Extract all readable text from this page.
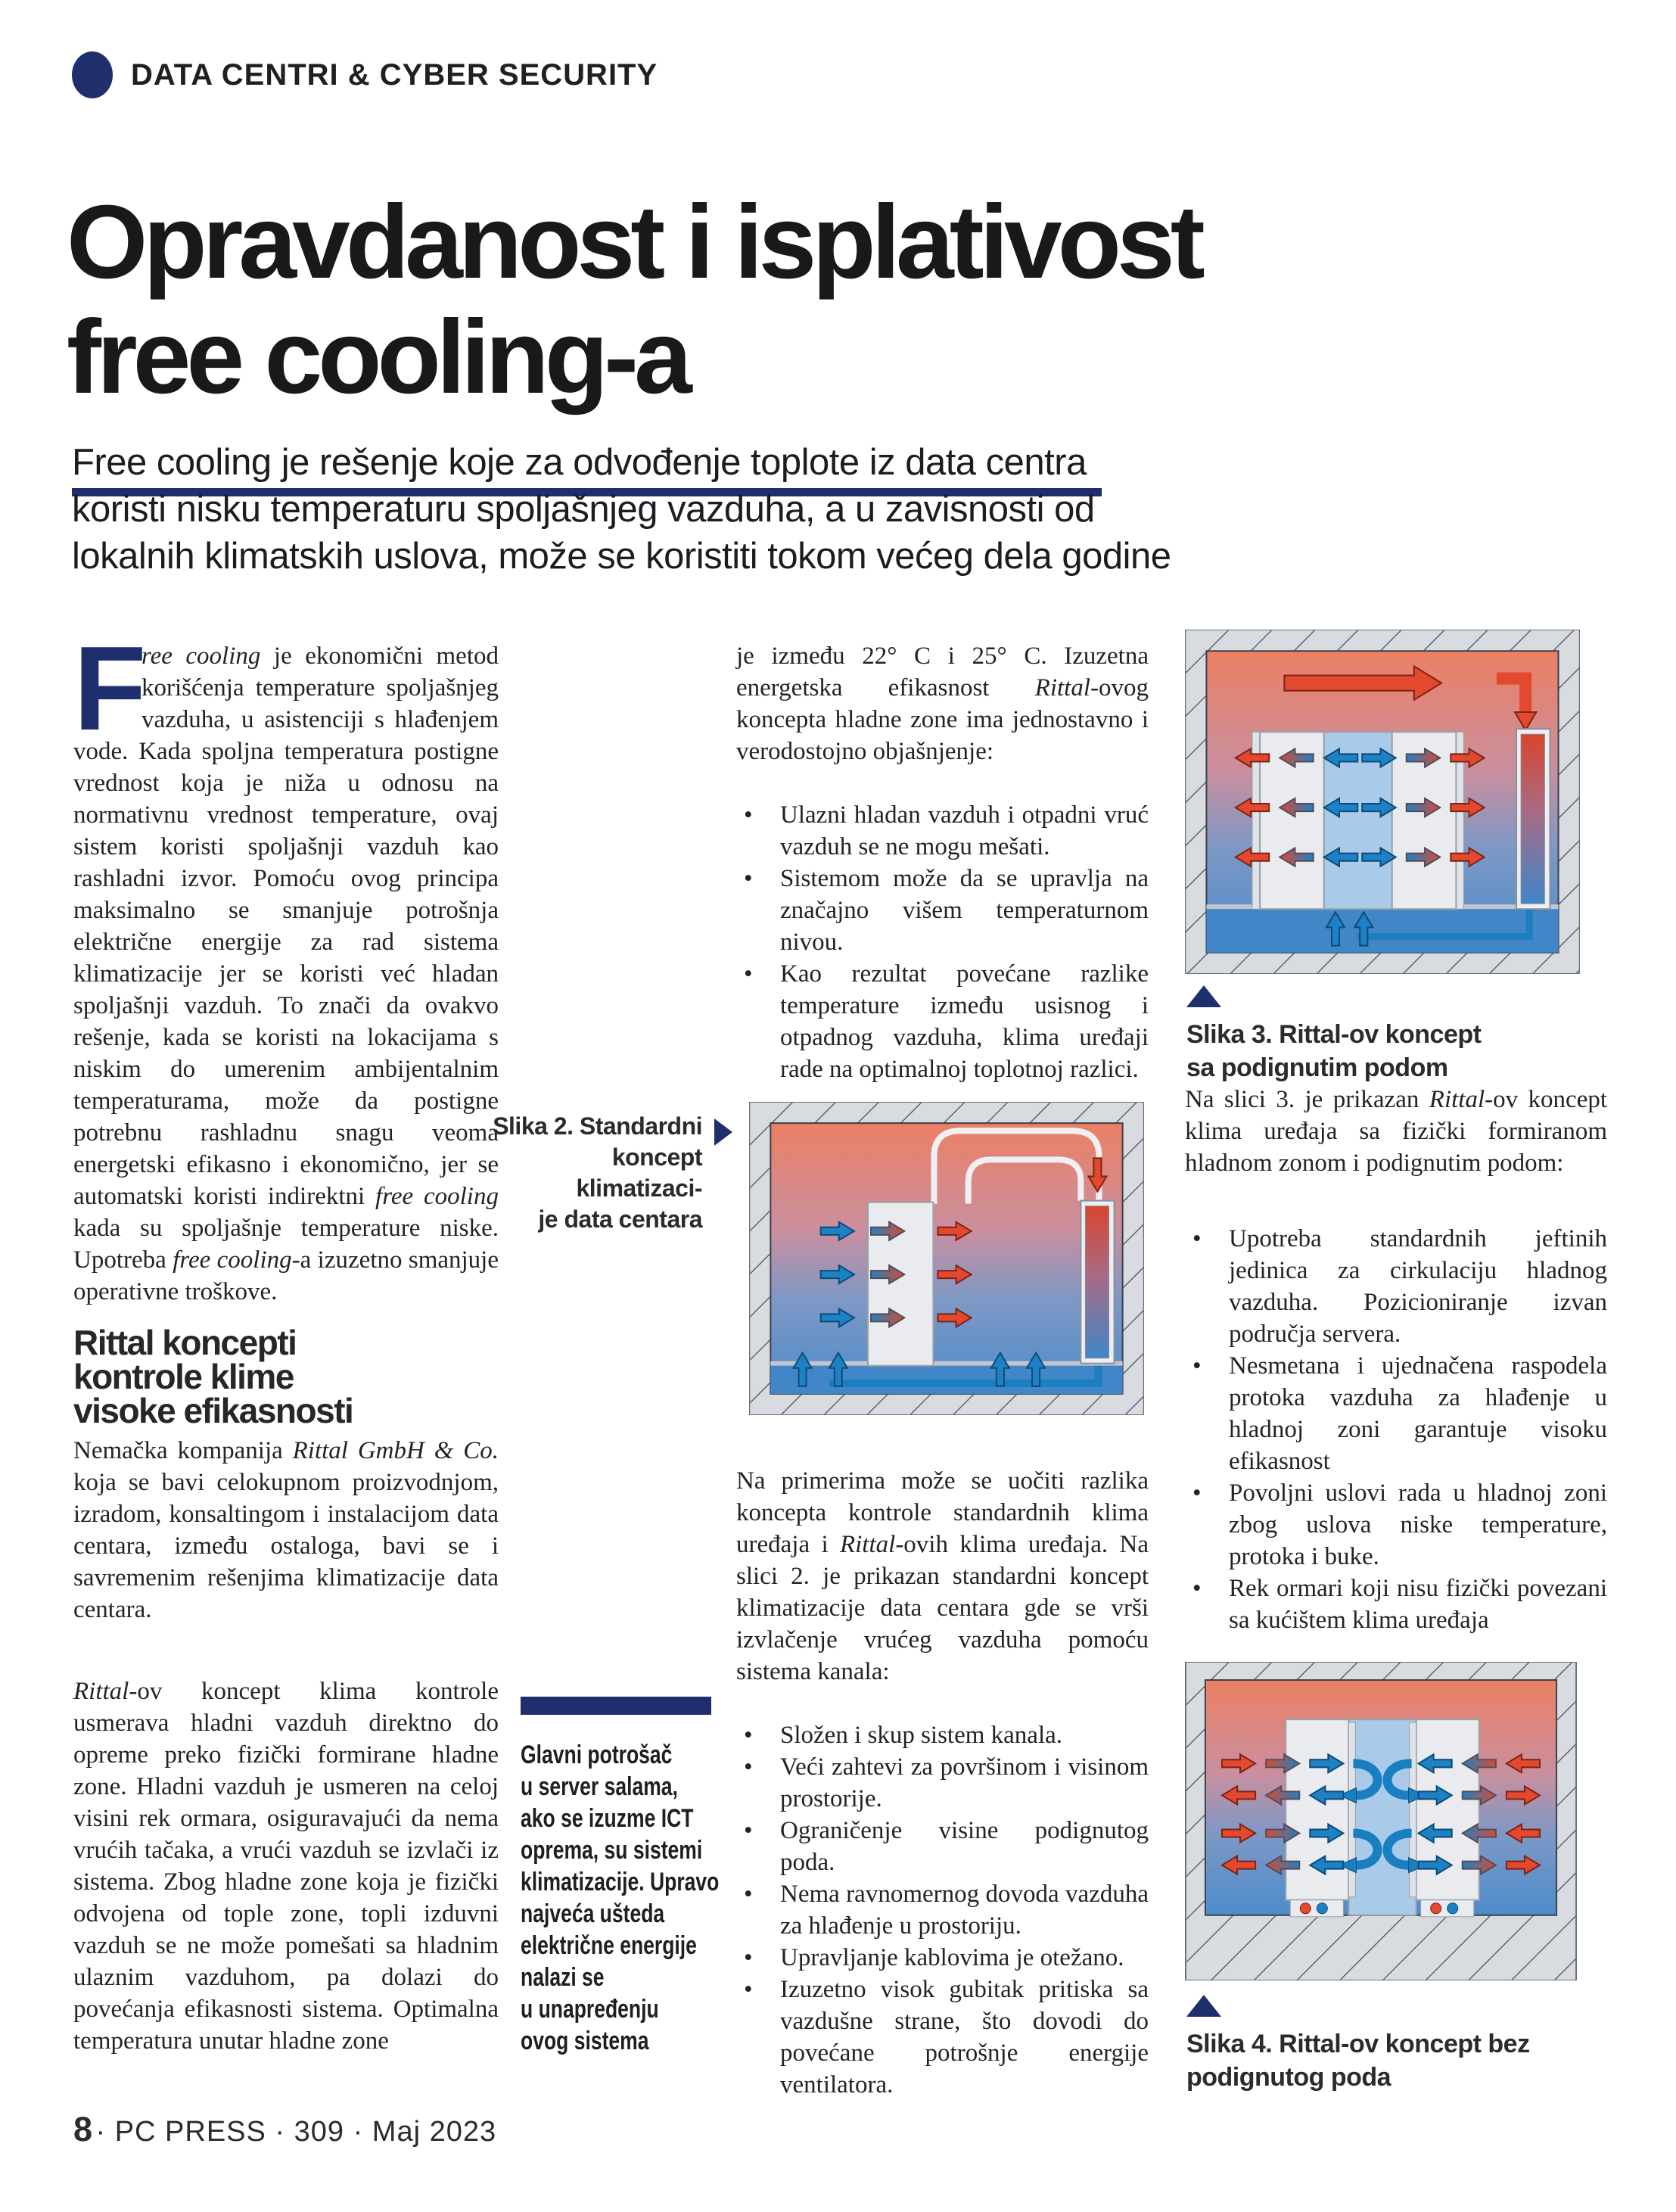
DATA CENTRI & CYBER SECURITY
Opravdanost i isplativost
free cooling-a
Free cooling je rešenje koje za odvođenje toplote iz data centra
koristi nisku temperaturu spoljašnjeg vazduha, a u zavisnosti od
lokalnih klimatskih uslova, može se koristiti tokom većeg dela godine
F
ree cooling je ekonomični metod korišćenja temperature spoljašnjeg vazduha, u asistenciji s hlađenjem vode. Kada spoljna temperatura postigne vrednost koja je niža u odnosu na normativnu vrednost temperature, ovaj sistem koristi spoljašnji vazduh kao rashladni izvor. Pomoću ovog principa maksimalno se smanjuje potrošnja električne energije za rad sistema klimatizacije jer se koristi već hladan spoljašnji vazduh. To znači da ovakvo rešenje, kada se koristi na lokacijama s niskim do umerenim ambijentalnim temperaturama, može da postigne potrebnu rashladnu snagu veoma energetski efikasno i ekonomično, jer se automatski koristi indirektni free cooling kada su spoljašnje temperature niske. Upotreba free cooling-a izuzetno smanjuje operativne troškove.
Rittal koncepti
kontrole klime
visoke efikasnosti
Nemačka kompanija Rittal GmbH & Co. koja se bavi celokupnom proizvodnjom, izradom, konsaltingom i instalacijom data centara, između ostaloga, bavi se i savremenim rešenjima klimatizacije data centara.
Rittal-ov koncept klima kontrole usmerava hladni vazduh direktno do opreme preko fizički formirane hladne zone. Hladni vazduh je usmeren na celoj visini rek ormara, osiguravajući da nema vrućih tačaka, a vrući vazduh se izvlači iz sistema. Zbog hladne zone koja je fizički odvojena od tople zone, topli izduvni vazduh se ne može pomešati sa hladnim ulaznim vazduhom, pa dolazi do povećanja efikasnosti sistema. Optimalna temperatura unutar hladne zone
je između 22° C i 25° C. Izuzetna energetska efikasnost Rittal-ovog koncepta hladne zone ima jednostavno i verodostojno objašnjenje:
• Ulazni hladan vazduh i otpadni vruć vazduh se ne mogu mešati.
• Sistemom može da se upravlja na značajno višem temperaturnom nivou.
• Kao rezultat povećane razlike temperature između usisnog i otpadnog vazduha, klima uređaji rade na optimalnoj toplotnoj razlici.
Slika 2. Standardni
koncept klimatizaci-
je data centara
Na primerima može se uočiti razlika koncepta kontrole standardnih klima uređaja i Rittal-ovih klima uređaja. Na slici 2. je prikazan standardni koncept klimatizacije data centara gde se vrši izvlačenje vrućeg vazduha pomoću sistema kanala:
• Složen i skup sistem kanala.
• Veći zahtevi za površinom i visinom prostorije.
• Ograničenje visine podignutog poda.
• Nema ravnomernog dovoda vazduha za hlađenje u prostoriju.
• Upravljanje kablovima je otežano.
• Izuzetno visok gubitak pritiska sa vazdušne strane, što dovodi do povećane potrošnje energije ventilatora.
Glavni potrošač
u server salama,
ako se izuzme ICT
oprema, su sistemi
klimatizacije. Upravo
najveća ušteda
električne energije
nalazi se
u unapređenju
ovog sistema
Slika 3. Rittal-ov koncept
sa podignutim podom
Na slici 3. je prikazan Rittal-ov koncept klima uređaja sa fizički formiranom hladnom zonom i podignutim podom:
• Upotreba standardnih jeftinih jedinica za cirkulaciju hladnog vazduha. Pozicioniranje izvan područja servera.
• Nesmetana i ujednačena raspodela protoka vazduha za hlađenje u hladnoj zoni garantuje visoku efikasnost
• Povoljni uslovi rada u hladnoj zoni zbog uslova niske temperature, protoka i buke.
• Rek ormari koji nisu fizički povezani sa kućištem klima uređaja
Slika 4. Rittal-ov koncept bez
podignutog poda
8 · PC PRESS · 309 · Maj 2023
